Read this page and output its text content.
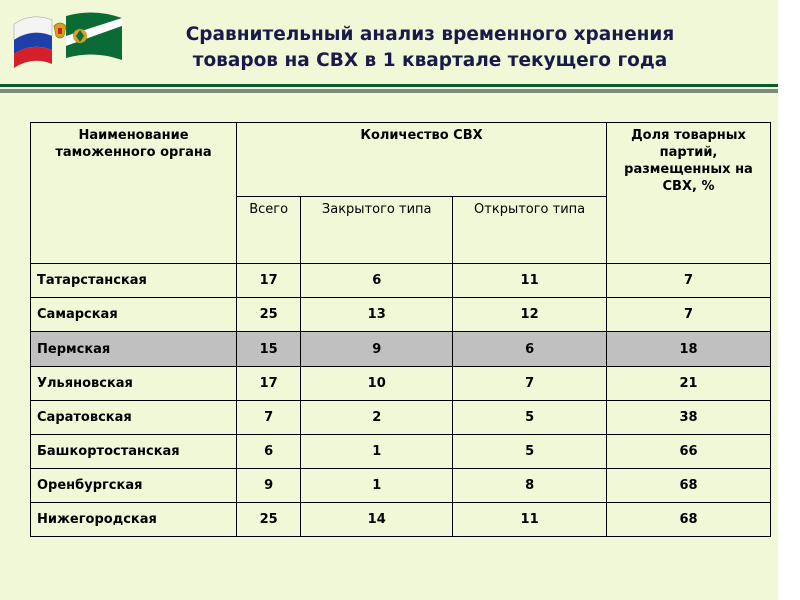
Сравнительный анализ временного хранения
товаров на СВХ в 1 квартале текущего года
Наименование таможенного органа	Количество СВХ			Доля товарных партий, размещенных на СВХ, %
	Всего	Закрытого типа	Открытого типа	
Татарстанская	17	6	11	7
Самарская	25	13	12	7
Пермская	15	9	6	18
Ульяновская	17	10	7	21
Саратовская	7	2	5	38
Башкортостанская	6	1	5	66
Оренбургская	9	1	8	68
Нижегородская	25	14	11	68
